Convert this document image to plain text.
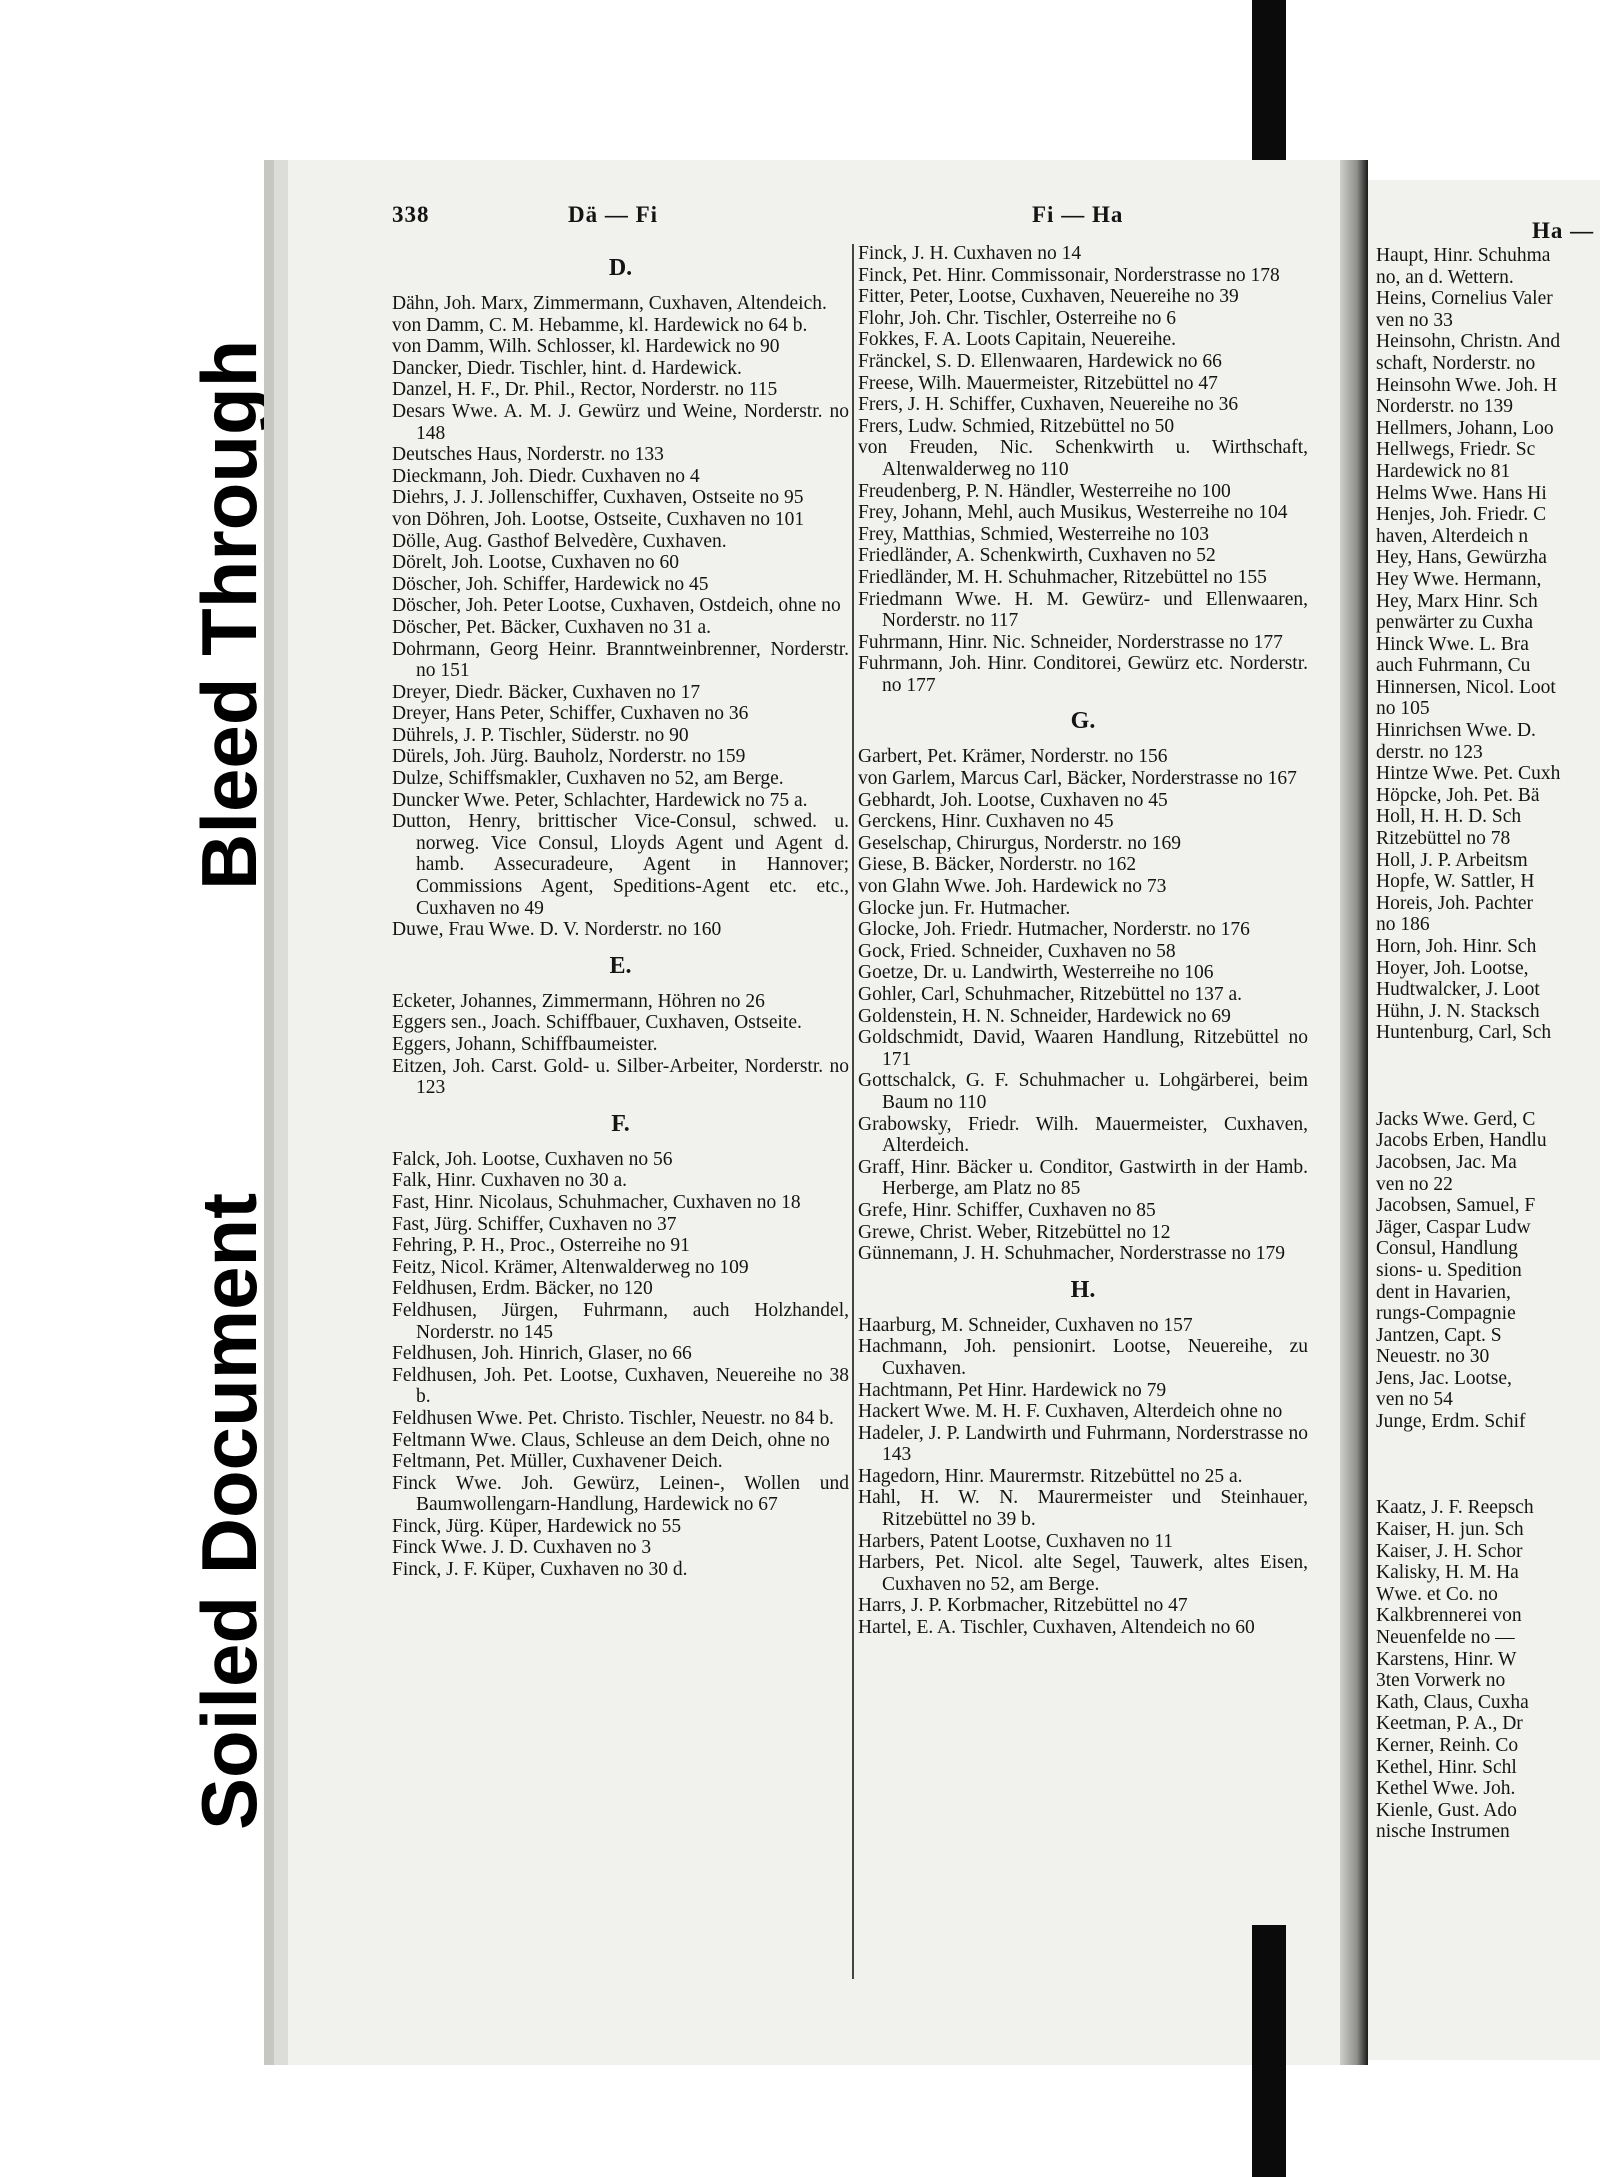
Bleed Through
Soiled Document
338	Dä — Fi	Fi — Ha
Ha —
D.
Dähn, Joh. Marx, Zimmermann, Cuxhaven, Altendeich.
von Damm, C. M. Hebamme, kl. Hardewick no 64 b.
von Damm, Wilh. Schlosser, kl. Hardewick no 90
Dancker, Diedr. Tischler, hint. d. Hardewick.
Danzel, H. F., Dr. Phil., Rector, Norderstr. no 115
Desars Wwe. A. M. J. Gewürz und Weine, Norderstr. no 148
Deutsches Haus, Norderstr. no 133
Dieckmann, Joh. Diedr. Cuxhaven no 4
Diehrs, J. J. Jollenschiffer, Cuxhaven, Ostseite no 95
von Döhren, Joh. Lootse, Ostseite, Cuxhaven no 101
Dölle, Aug. Gasthof Belvedère, Cuxhaven.
Dörelt, Joh. Lootse, Cuxhaven no 60
Döscher, Joh. Schiffer, Hardewick no 45
Döscher, Joh. Peter Lootse, Cuxhaven, Ostdeich, ohne no
Döscher, Pet. Bäcker, Cuxhaven no 31 a.
Dohrmann, Georg Heinr. Branntweinbrenner, Norderstr. no 151
Dreyer, Diedr. Bäcker, Cuxhaven no 17
Dreyer, Hans Peter, Schiffer, Cuxhaven no 36
Dührels, J. P. Tischler, Süderstr. no 90
Dürels, Joh. Jürg. Bauholz, Norderstr. no 159
Dulze, Schiffsmakler, Cuxhaven no 52, am Berge.
Duncker Wwe. Peter, Schlachter, Hardewick no 75 a.
Dutton, Henry, brittischer Vice-Consul, schwed. u. norweg. Vice Consul, Lloyds Agent und Agent d. hamb. Assecuradeure, Agent in Hannover; Commissions Agent, Speditions-Agent etc. etc., Cuxhaven no 49
Duwe, Frau Wwe. D. V. Norderstr. no 160
E.
Ecketer, Johannes, Zimmermann, Höhren no 26
Eggers sen., Joach. Schiffbauer, Cuxhaven, Ostseite.
Eggers, Johann, Schiffbaumeister.
Eitzen, Joh. Carst. Gold- u. Silber-Arbeiter, Norderstr. no 123
F.
Falck, Joh. Lootse, Cuxhaven no 56
Falk, Hinr. Cuxhaven no 30 a.
Fast, Hinr. Nicolaus, Schuhmacher, Cuxhaven no 18
Fast, Jürg. Schiffer, Cuxhaven no 37
Fehring, P. H., Proc., Osterreihe no 91
Feitz, Nicol. Krämer, Altenwalderweg no 109
Feldhusen, Erdm. Bäcker, no 120
Feldhusen, Jürgen, Fuhrmann, auch Holzhandel, Norderstr. no 145
Feldhusen, Joh. Hinrich, Glaser, no 66
Feldhusen, Joh. Pet. Lootse, Cuxhaven, Neuereihe no 38 b.
Feldhusen Wwe. Pet. Christo. Tischler, Neuestr. no 84 b.
Feltmann Wwe. Claus, Schleuse an dem Deich, ohne no
Feltmann, Pet. Müller, Cuxhavener Deich.
Finck Wwe. Joh. Gewürz, Leinen-, Wollen und Baumwollengarn-Handlung, Hardewick no 67
Finck, Jürg. Küper, Hardewick no 55
Finck Wwe. J. D. Cuxhaven no 3
Finck, J. F. Küper, Cuxhaven no 30 d.
Finck, J. H. Cuxhaven no 14
Finck, Pet. Hinr. Commissonair, Norderstrasse no 178
Fitter, Peter, Lootse, Cuxhaven, Neuereihe no 39
Flohr, Joh. Chr. Tischler, Osterreihe no 6
Fokkes, F. A. Loots Capitain, Neuereihe.
Fränckel, S. D. Ellenwaaren, Hardewick no 66
Freese, Wilh. Mauermeister, Ritzebüttel no 47
Frers, J. H. Schiffer, Cuxhaven, Neuereihe no 36
Frers, Ludw. Schmied, Ritzebüttel no 50
von Freuden, Nic. Schenkwirth u. Wirthschaft, Altenwalderweg no 110
Freudenberg, P. N. Händler, Westerreihe no 100
Frey, Johann, Mehl, auch Musikus, Westerreihe no 104
Frey, Matthias, Schmied, Westerreihe no 103
Friedländer, A. Schenkwirth, Cuxhaven no 52
Friedländer, M. H. Schuhmacher, Ritzebüttel no 155
Friedmann Wwe. H. M. Gewürz- und Ellenwaaren, Norderstr. no 117
Fuhrmann, Hinr. Nic. Schneider, Norderstrasse no 177
Fuhrmann, Joh. Hinr. Conditorei, Gewürz etc. Norderstr. no 177
G.
Garbert, Pet. Krämer, Norderstr. no 156
von Garlem, Marcus Carl, Bäcker, Norderstrasse no 167
Gebhardt, Joh. Lootse, Cuxhaven no 45
Gerckens, Hinr. Cuxhaven no 45
Geselschap, Chirurgus, Norderstr. no 169
Giese, B. Bäcker, Norderstr. no 162
von Glahn Wwe. Joh. Hardewick no 73
Glocke jun. Fr. Hutmacher.
Glocke, Joh. Friedr. Hutmacher, Norderstr. no 176
Gock, Fried. Schneider, Cuxhaven no 58
Goetze, Dr. u. Landwirth, Westerreihe no 106
Gohler, Carl, Schuhmacher, Ritzebüttel no 137 a.
Goldenstein, H. N. Schneider, Hardewick no 69
Goldschmidt, David, Waaren Handlung, Ritzebüttel no 171
Gottschalck, G. F. Schuhmacher u. Lohgärberei, beim Baum no 110
Grabowsky, Friedr. Wilh. Mauermeister, Cuxhaven, Alterdeich.
Graff, Hinr. Bäcker u. Conditor, Gastwirth in der Hamb. Herberge, am Platz no 85
Grefe, Hinr. Schiffer, Cuxhaven no 85
Grewe, Christ. Weber, Ritzebüttel no 12
Günnemann, J. H. Schuhmacher, Norderstrasse no 179
H.
Haarburg, M. Schneider, Cuxhaven no 157
Hachmann, Joh. pensionirt. Lootse, Neuereihe, zu Cuxhaven.
Hachtmann, Pet Hinr. Hardewick no 79
Hackert Wwe. M. H. F. Cuxhaven, Alterdeich ohne no
Hadeler, J. P. Landwirth und Fuhrmann, Norderstrasse no 143
Hagedorn, Hinr. Maurermstr. Ritzebüttel no 25 a.
Hahl, H. W. N. Maurermeister und Steinhauer, Ritzebüttel no 39 b.
Harbers, Patent Lootse, Cuxhaven no 11
Harbers, Pet. Nicol. alte Segel, Tauwerk, altes Eisen, Cuxhaven no 52, am Berge.
Harrs, J. P. Korbmacher, Ritzebüttel no 47
Hartel, E. A. Tischler, Cuxhaven, Altendeich no 60
Haupt, Hinr. Schuhma
no, an d. Wettern.
Heins, Cornelius Valer
ven no 33
Heinsohn, Christn. And
schaft, Norderstr. no
Heinsohn Wwe. Joh. H
Norderstr. no 139
Hellmers, Johann, Loo
Hellwegs, Friedr. Sc
Hardewick no 81
Helms Wwe. Hans Hi
Henjes, Joh. Friedr. C
haven, Alterdeich n
Hey, Hans, Gewürzha
Hey Wwe. Hermann,
Hey, Marx Hinr. Sch
penwärter zu Cuxha
Hinck Wwe. L. Bra
auch Fuhrmann, Cu
Hinnersen, Nicol. Loot
no 105
Hinrichsen Wwe. D.
derstr. no 123
Hintze Wwe. Pet. Cuxh
Höpcke, Joh. Pet. Bä
Holl, H. H. D. Sch
Ritzebüttel no 78
Holl, J. P. Arbeitsm
Hopfe, W. Sattler, H
Horeis, Joh. Pachter
no 186
Horn, Joh. Hinr. Sch
Hoyer, Joh. Lootse,
Hudtwalcker, J. Loot
Hühn, J. N. Stacksch
Huntenburg, Carl, Sch
Jacks Wwe. Gerd, C
Jacobs Erben, Handlu
Jacobsen, Jac. Ma
ven no 22
Jacobsen, Samuel, F
Jäger, Caspar Ludw
Consul, Handlung
sions- u. Spedition
dent in Havarien,
rungs-Compagnie
Jantzen, Capt. S
Neuestr. no 30
Jens, Jac. Lootse,
ven no 54
Junge, Erdm. Schif
Kaatz, J. F. Reepsch
Kaiser, H. jun. Sch
Kaiser, J. H. Schor
Kalisky, H. M. Ha
Wwe. et Co. no
Kalkbrennerei von
Neuenfelde no —
Karstens, Hinr. W
3ten Vorwerk no
Kath, Claus, Cuxha
Keetman, P. A., Dr
Kerner, Reinh. Co
Kethel, Hinr. Schl
Kethel Wwe. Joh.
Kienle, Gust. Ado
nische Instrumen
